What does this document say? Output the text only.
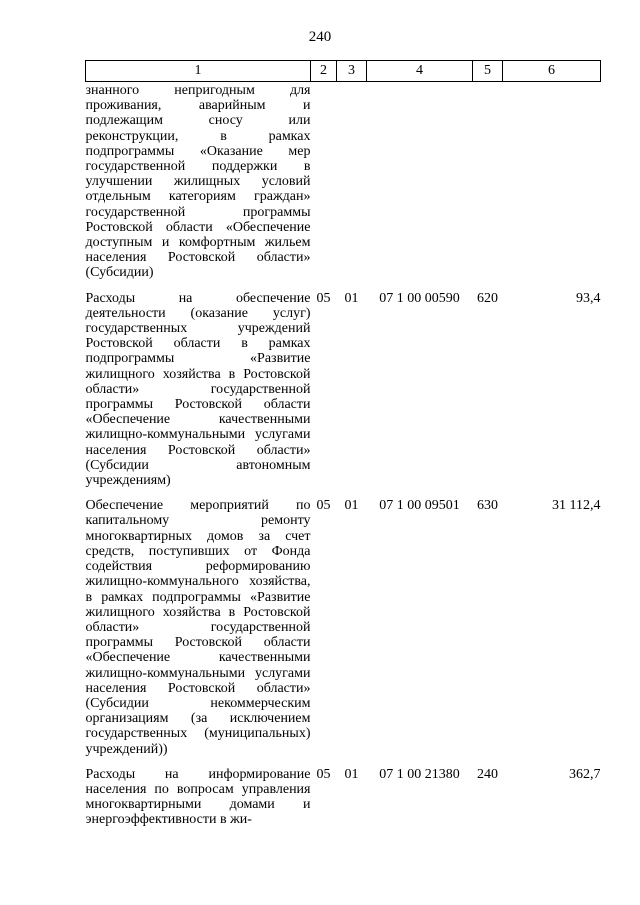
240
1	2	3	4	5	6
знанного непригодным для проживания, аварийным и подлежащим сносу или реконструкции, в рамках подпрограммы «Оказание мер государственной поддержки в улучшении жилищных условий отдельным категориям граждан» государственной программы Ростовской области «Обеспечение доступным и комфортным жильем населения Ростовской области» (Субсидии)					
Расходы на обеспечение деятельности (оказание услуг) государственных учреждений Ростовской области в рамках подпрограммы «Развитие жилищного хозяйства в Ростовской области» государственной программы Ростовской области «Обеспечение качественными жилищно-коммунальными услугами населения Ростовской области» (Субсидии автономным учреждениям)	05	01	07 1 00 00590	620	93,4
Обеспечение мероприятий по капитальному ремонту многоквартирных домов за счет средств, поступивших от Фонда содействия реформированию жилищно-коммунального хозяйства, в рамках подпрограммы «Развитие жилищного хозяйства в Ростовской области» государственной программы Ростовской области «Обеспечение качественными жилищно-коммунальными услугами населения Ростовской области» (Субсидии некоммерческим организациям (за исключением государственных (муниципальных) учреждений))	05	01	07 1 00 09501	630	31 112,4
Расходы на информирование населения по вопросам управления многоквартирными домами и энергоэффективности в жи-	05	01	07 1 00 21380	240	362,7
